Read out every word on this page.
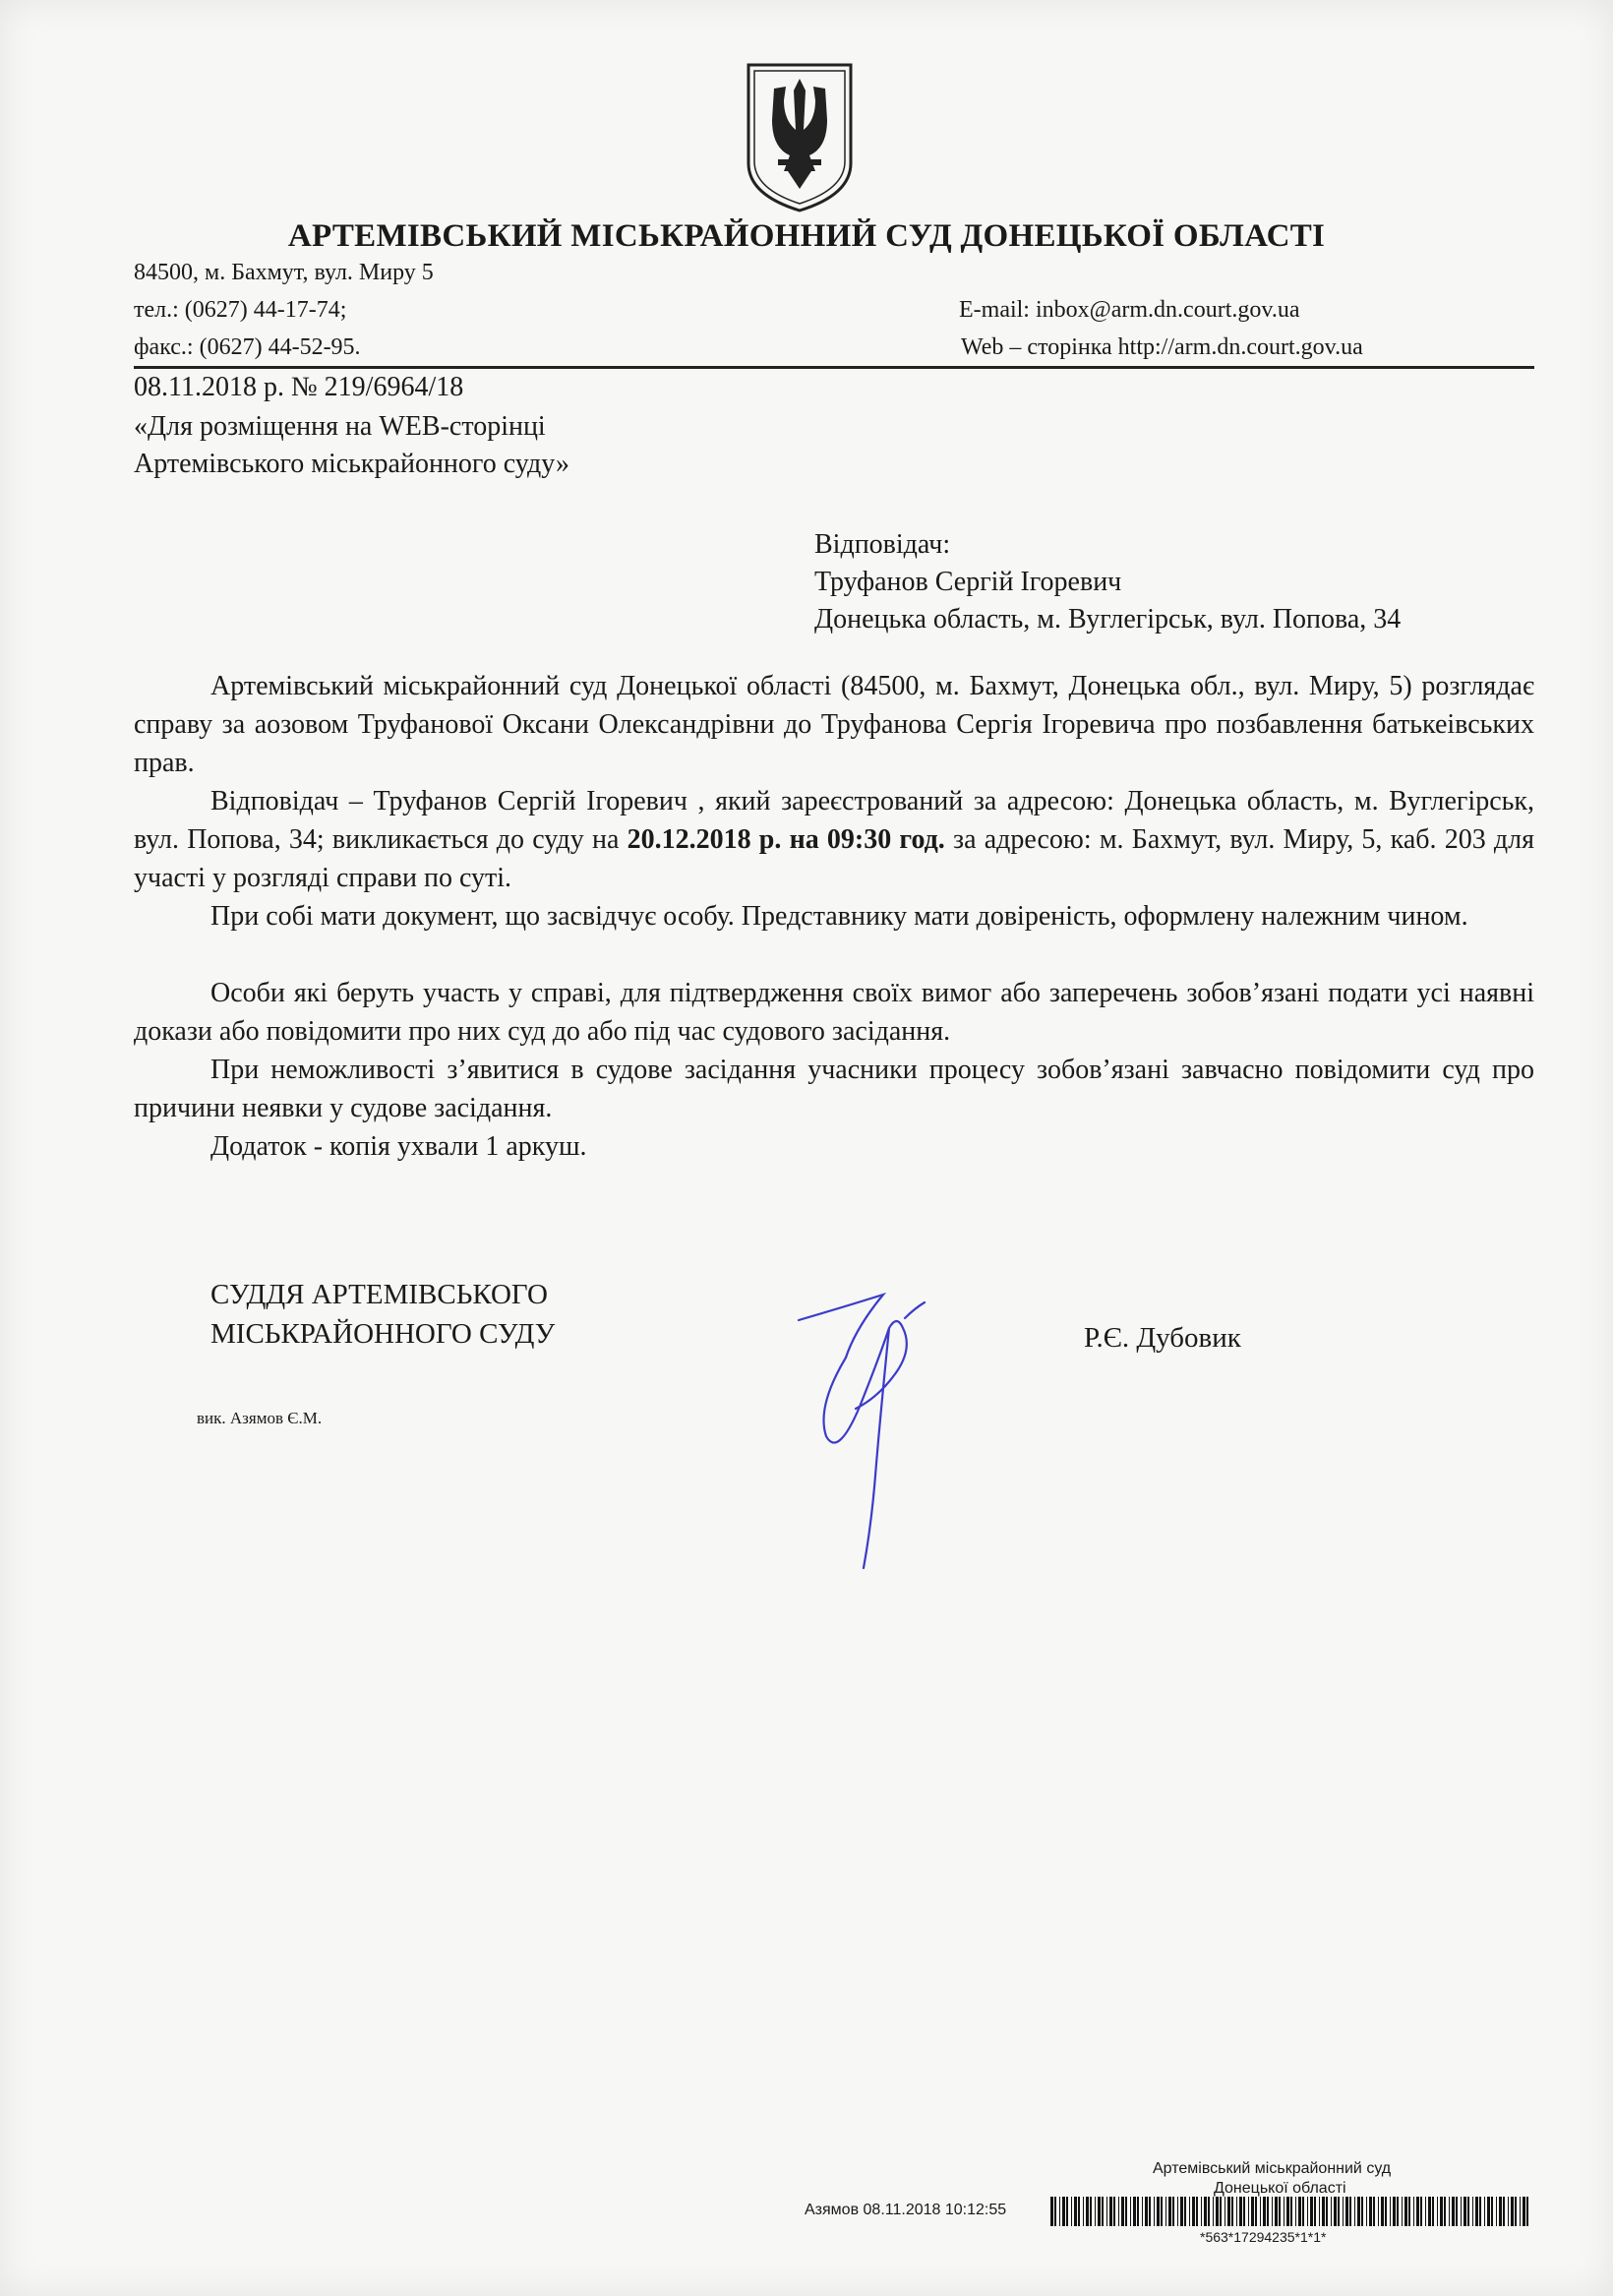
АРТЕМІВСЬКИЙ МІСЬКРАЙОННИЙ СУД ДОНЕЦЬКОЇ ОБЛАСТІ
84500, м. Бахмут, вул. Миру 5
тел.: (0627) 44-17-74;
факс.: (0627) 44-52-95.
E-mail: inbox@arm.dn.court.gov.ua
Web – сторінка http://arm.dn.court.gov.ua
08.11.2018 р. № 219/6964/18
«Для розміщення на WEB-сторінці
Артемівського міськрайонного суду»
Відповідач:
Труфанов Сергій Ігоревич
Донецька область, м. Вуглегірськ, вул. Попова, 34
Артемівський міськрайонний суд Донецької області (84500, м. Бахмут, Донецька обл., вул. Миру, 5) розглядає справу за аозовом Труфанової Оксани Олександрівни до Труфанова Сергія Ігоревича про позбавлення батькеівських прав.
Відповідач – Труфанов Сергій Ігоревич , який зареєстрований за адресою: Донецька область, м. Вуглегірськ, вул. Попова, 34; викликається до суду на 20.12.2018 р. на 09:30 год. за адресою: м. Бахмут, вул. Миру, 5, каб. 203 для участі у розгляді справи по суті.
При собі мати документ, що засвідчує особу. Представнику мати довіреність, оформлену належним чином.
Особи які беруть участь у справі, для підтвердження своїх вимог або заперечень зобов’язані подати усі наявні докази або повідомити про них суд до або під час судового засідання.
При неможливості з’явитися в судове засідання учасники процесу зобов’язані завчасно повідомити суд про причини неявки у судове засідання.
Додаток - копія ухвали 1 аркуш.
СУДДЯ АРТЕМІВСЬКОГО
МІСЬКРАЙОННОГО СУДУ	Р.Є. Дубовик
вик. Азямов Є.М.
Артемівський міськрайонний суд
Донецької області
Азямов 08.11.2018 10:12:55
*563*17294235*1*1*
